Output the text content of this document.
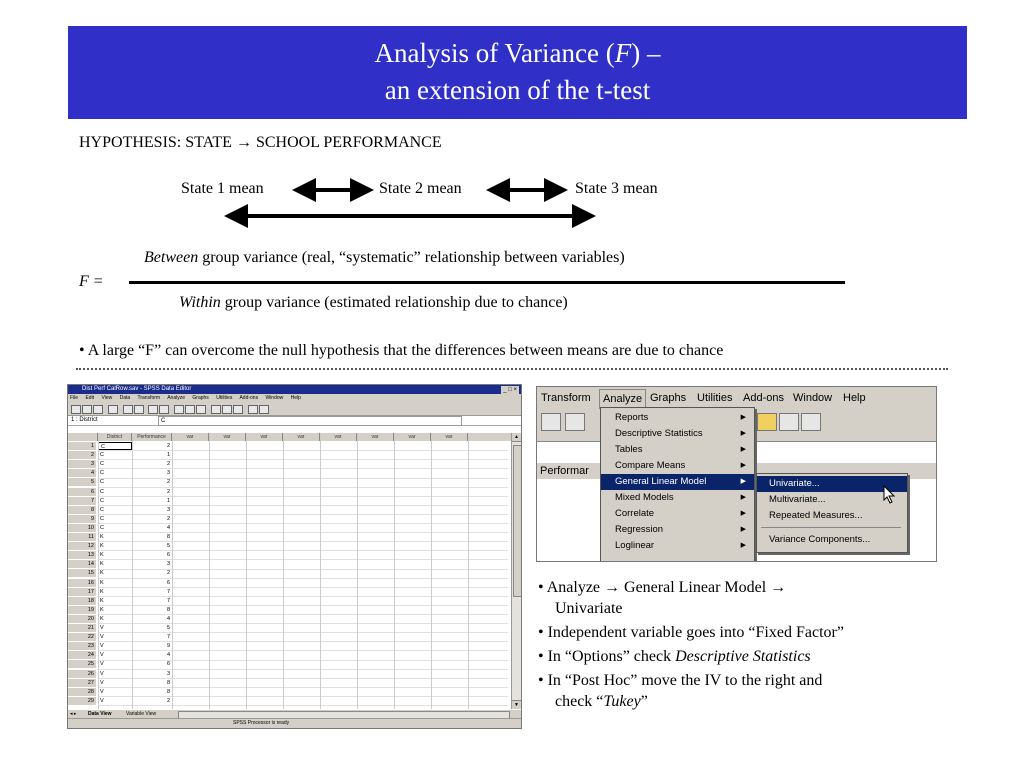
Analysis of Variance (F) –
an extension of the t-test
HYPOTHESIS: STATE → SCHOOL PERFORMANCE
State 1 mean	State 2 mean	State 3 mean
Between group variance (real, “systematic” relationship between variables)
F =
Within group variance (estimated relationship due to chance)
• A large “F” can overcome the null hypothesis that the differences between means are due to chance
Dist Perf CalRow.sav - SPSS Data Editor	_ □ ×
File Edit View Data Transform Analyze Graphs Utilities Add-ons Window Help
1 : District	C
District	Performance	var	var	var	var	var	var	var	var
1	C	2
2	C	1
3	C	2
4	C	3
5	C	2
6	C	2
7	C	1
8	C	3
9	C	2
10	C	4
11	K	8
12	K	5
13	K	6
14	K	3
15	K	2
16	K	6
17	K	7
18	K	7
19	K	8
20	K	4
21	V	5
22	V	7
23	V	9
24	V	4
25	V	6
26	V	3
27	V	8
28	V	8
29	V	2
▲
▼
◂ ▸ Data View	Variable View
SPSS Processor is ready
Transform	Analyze Graphs Utilities Add-ons Window Help
Performar
Reports	▶
Descriptive Statistics	▶
Tables	▶
Compare Means	▶
General Linear Model	▶
Mixed Models	▶
Correlate	▶
Regression	▶
Loglinear	▶
Univariate...
Multivariate...
Repeated Measures...
Variance Components...
• Analyze → General Linear Model →
Univariate
• Independent variable goes into “Fixed Factor”
• In “Options” check Descriptive Statistics
• In “Post Hoc” move the IV to the right and
check “Tukey”
